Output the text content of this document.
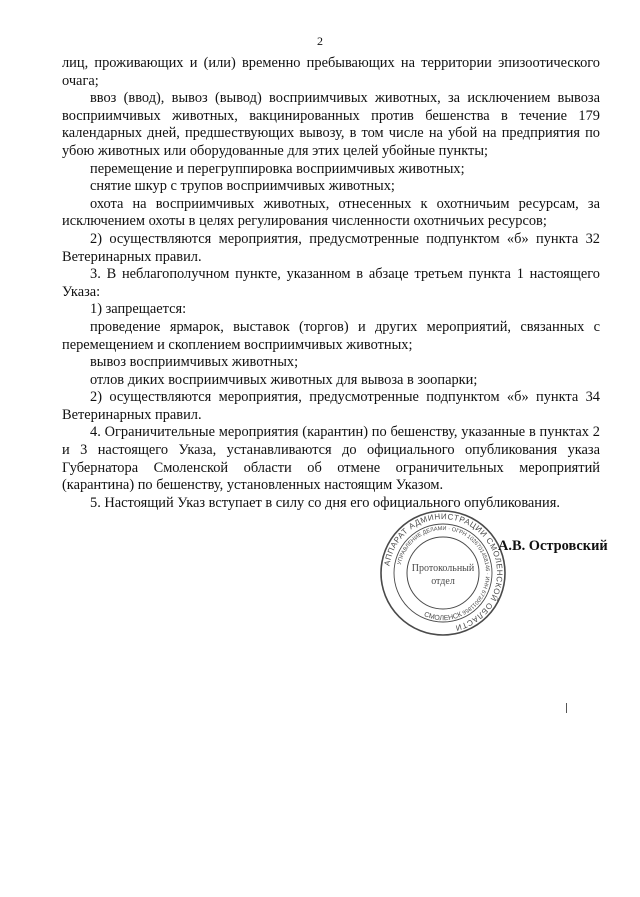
2

лиц, проживающих и (или) временно пребывающих на территории эпизоотического очага;

ввоз (ввод), вывоз (вывод) восприимчивых животных, за исключением вывоза восприимчивых животных, вакцинированных против бешенства в течение 179 календарных дней, предшествующих вывозу, в том числе на убой на предприятия по убою животных или оборудованные для этих целей убойные пункты;

перемещение и перегруппировка восприимчивых животных;

снятие шкур с трупов восприимчивых животных;

охота на восприимчивых животных, отнесенных к охотничьим ресурсам, за исключением охоты в целях регулирования численности охотничьих ресурсов;

2) осуществляются мероприятия, предусмотренные подпунктом «б» пункта 32 Ветеринарных правил.

3. В неблагополучном пункте, указанном в абзаце третьем пункта 1 настоящего Указа:

1) запрещается:

проведение ярмарок, выставок (торгов) и других мероприятий, связанных с перемещением и скоплением восприимчивых животных;

вывоз восприимчивых животных;

отлов диких восприимчивых животных для вывоза в зоопарки;

2) осуществляются мероприятия, предусмотренные подпунктом «б» пункта 34 Ветеринарных правил.

4. Ограничительные мероприятия (карантин) по бешенству, указанные в пунктах 2 и 3 настоящего Указа, устанавливаются до официального опубликования указа Губернатора Смоленской области об отмене ограничительных мероприятий (карантина) по бешенству, установленных настоящим Указом.

5. Настоящий Указ вступает в силу со дня его официального опубликования.

АППАРАТ АДМИНИСТРАЦИИ СМОЛЕНСКОЙ ОБЛАСТИ
УПРАВЛЕНИЕ ДЕЛАМИ · ОГРН 1026701458146 · ИНН 6730011856
СМОЛЕНСК
Протокольный
отдел
А.В. Островский
